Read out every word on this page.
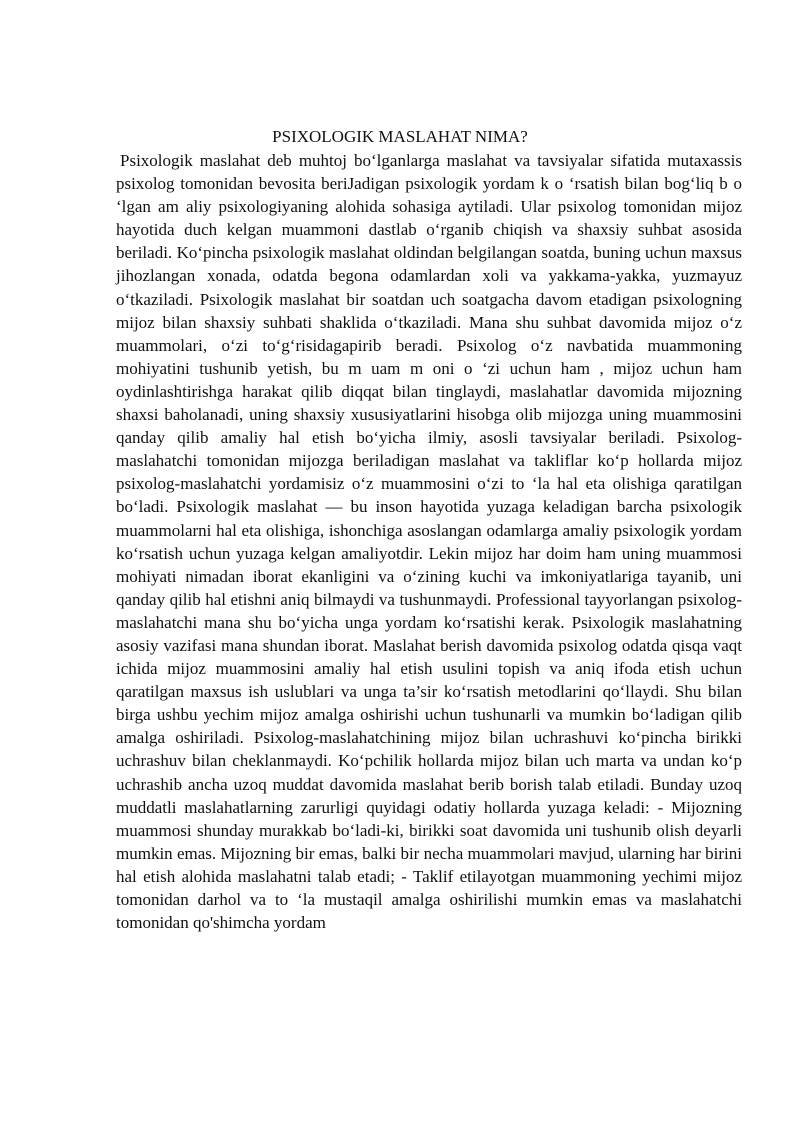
PSIXOLOGIK MASLAHAT NIMA?

Psixologik maslahat deb muhtoj bo‘lganlarga maslahat va tavsiyalar sifatida mutaxassis psixolog tomonidan bevosita beriJadigan psixologik yordam k o ‘rsatish bilan bog‘liq b o ‘lgan am aliy psixologiyaning alohida sohasiga aytiladi. Ular psixolog tomonidan mijoz hayotida duch kelgan muammoni dastlab o‘rganib chiqish va shaxsiy suhbat asosida beriladi. Ko‘pincha psixologik maslahat oldindan belgilangan soatda, buning uchun maxsus jihozlangan xonada, odatda begona odamlardan xoli va yakkama-yakka, yuzmayuz o‘tkaziladi. Psixologik maslahat bir soatdan uch soatgacha davom etadigan psixologning mijoz bilan shaxsiy suhbati shaklida o‘tkaziladi. Mana shu suhbat davomida mijoz o‘z muammolari, o‘zi to‘g‘risidagapirib beradi. Psixolog o‘z navbatida muammoning mohiyatini tushunib yetish, bu m uam m oni o ‘zi uchun ham , mijoz uchun ham oydinlashtirishga harakat qilib diqqat bilan tinglaydi, maslahatlar davomida mijozning shaxsi baholanadi, uning shaxsiy xususiyatlarini hisobga olib mijozga uning muammosini qanday qilib amaliy hal etish bo‘yicha ilmiy, asosli tavsiyalar beriladi. Psixolog-maslahatchi tomonidan mijozga beriladigan maslahat va takliflar ko‘p hollarda mijoz psixolog-maslahatchi yordamisiz o‘z muammosini o‘zi to ‘la hal eta olishiga qaratilgan bo‘ladi. Psixologik maslahat — bu inson hayotida yuzaga keladigan barcha psixologik muammolarni hal eta olishiga, ishonchiga asoslangan odamlarga amaliy psixologik yordam ko‘rsatish uchun yuzaga kelgan amaliyotdir. Lekin mijoz har doim ham uning muammosi mohiyati nimadan iborat ekanligini va o‘zining kuchi va imkoniyatlariga tayanib, uni qanday qilib hal etishni aniq bilmaydi va tushunmaydi. Professional tayyorlangan psixolog-maslahatchi mana shu bo‘yicha unga yordam ko‘rsatishi kerak. Psixologik maslahatning asosiy vazifasi mana shundan iborat. Maslahat berish davomida psixolog odatda qisqa vaqt ichida mijoz muammosini amaliy hal etish usulini topish va aniq ifoda etish uchun qaratilgan maxsus ish uslublari va unga ta’sir ko‘rsatish metodlarini qo‘llaydi. Shu bilan birga ushbu yechim mijoz amalga oshirishi uchun tushunarli va mumkin bo‘ladigan qilib amalga oshiriladi. Psixolog-maslahatchining mijoz bilan uchrashuvi ko‘pincha birikki uchrashuv bilan cheklanmaydi. Ko‘pchilik hollarda mijoz bilan uch marta va undan ko‘p uchrashib ancha uzoq muddat davomida maslahat berib borish talab etiladi. Bunday uzoq muddatli maslahatlarning zarurligi quyidagi odatiy hollarda yuzaga keladi: - Mijozning muammosi shunday murakkab bo‘ladi-ki, birikki soat davomida uni tushunib olish deyarli mumkin emas. Mijozning bir emas, balki bir necha muammolari mavjud, ularning har birini hal etish alohida maslahatni talab etadi; - Taklif etilayotgan muammoning yechimi mijoz tomonidan darhol va to ‘la mustaqil amalga oshirilishi mumkin emas va maslahatchi tomonidan qo'shimcha yordam
